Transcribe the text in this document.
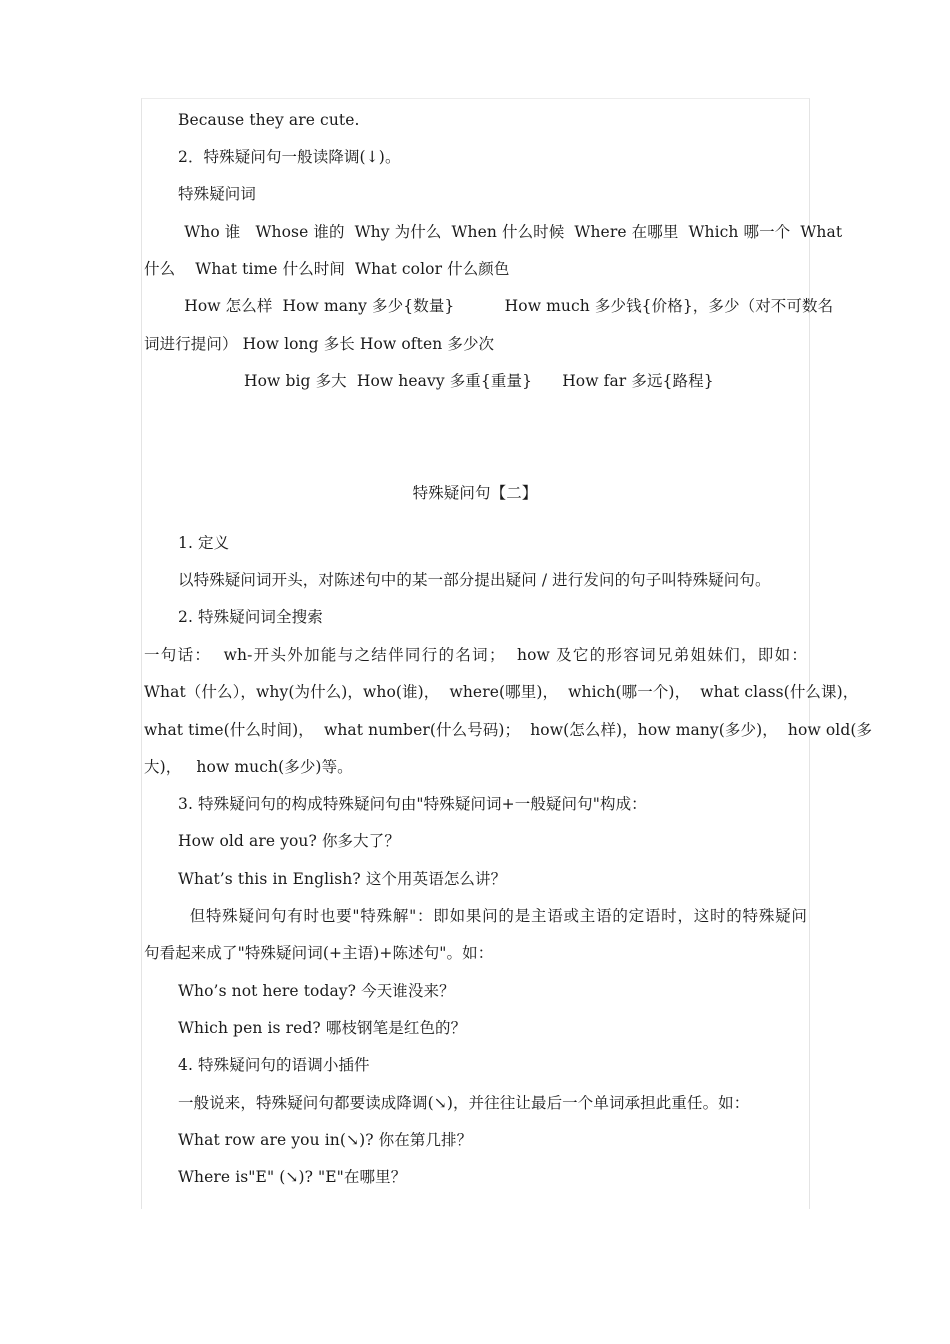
Because they are cute.
2．特殊疑问句一般读降调(↓)。
特殊疑问词
Who 谁   Whose 谁的  Why 为什么  When 什么时候  Where 在哪里  Which 哪一个  What
什么    What time 什么时间  What color 什么颜色
How 怎么样  How many 多少{数量}          How much 多少钱{价格}，多少（对不可数名
词进行提问） How long 多长 How often 多少次
How big 多大  How heavy 多重{重量}      How far 多远{路程}
特殊疑问句【二】
1. 定义
以特殊疑问词开头，对陈述句中的某一部分提出疑问 / 进行发问的句子叫特殊疑问句。
2. 特殊疑问词全搜索
一句话：  wh-开头外加能与之结伴同行的名词；  how 及它的形容词兄弟姐妹们，即如：
What（什么），why(为什么)，who(谁)，  where(哪里)，  which(哪一个)，  what class(什么课)，
what time(什么时间)，  what number(什么号码)；  how(怎么样)，how many(多少)，  how old(多
大)，   how much(多少)等。
3. 特殊疑问句的构成特殊疑问句由"特殊疑问词+一般疑问句"构成：
How old are you? 你多大了？
What’s this in English? 这个用英语怎么讲？
但特殊疑问句有时也要"特殊解"：即如果问的是主语或主语的定语时，这时的特殊疑问
句看起来成了"特殊疑问词(+主语)+陈述句"。如：
Who’s not here today? 今天谁没来？
Which pen is red? 哪枝钢笔是红色的？
4. 特殊疑问句的语调小插件
一般说来，特殊疑问句都要读成降调(↘)，并往往让最后一个单词承担此重任。如：
What row are you in(↘)? 你在第几排？
Where is"E" (↘)? "E"在哪里？
